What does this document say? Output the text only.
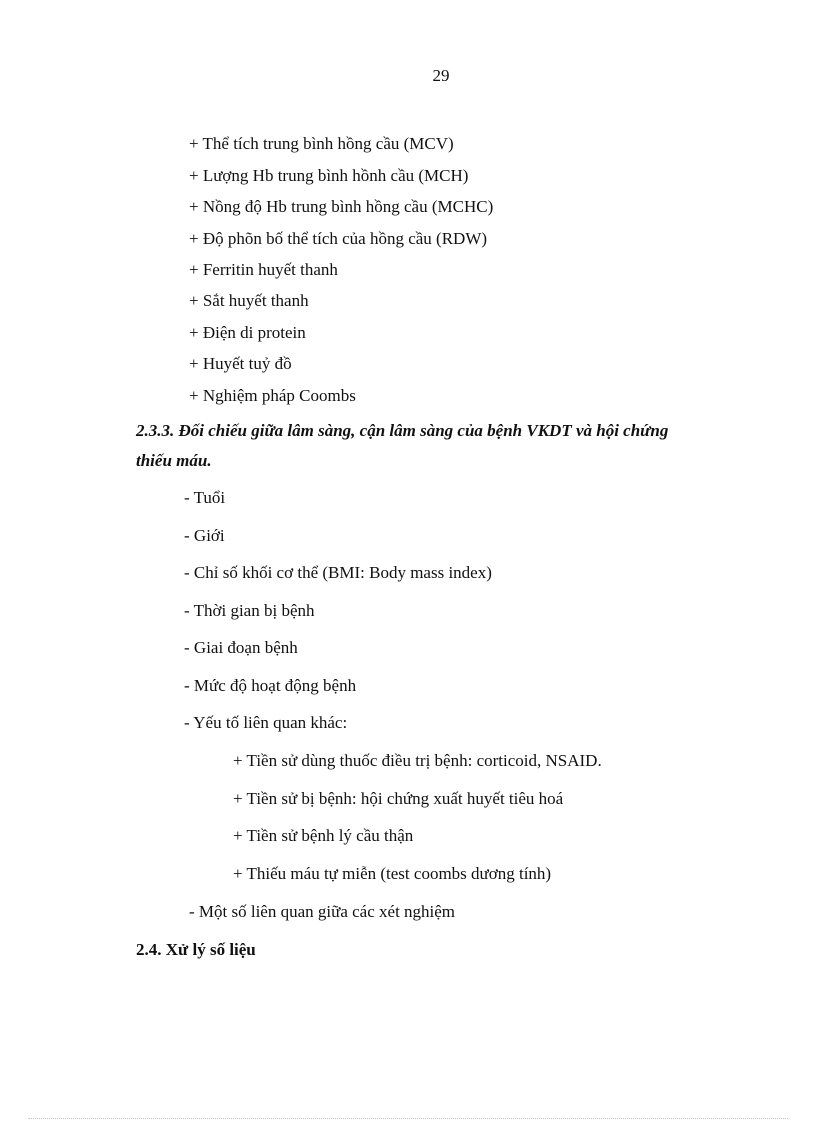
29
+ Thể tích trung bình hồng cầu (MCV)
+ Lượng Hb trung bình hồnh cầu (MCH)
+ Nồng độ Hb trung bình hồng cầu (MCHC)
+ Độ phõn bố thể tích của hồng cầu (RDW)
+ Ferritin huyết thanh
+ Sắt huyết thanh
+ Điện di protein
+ Huyết tuỷ đồ
+ Nghiệm pháp Coombs
2.3.3. Đối chiếu giữa lâm sàng, cận lâm sàng của bệnh VKDT và hội chứng
thiếu máu.
- Tuổi
- Giới
- Chỉ số khối cơ thể (BMI: Body mass index)
- Thời gian bị bệnh
- Giai đoạn bệnh
- Mức độ hoạt động bệnh
- Yếu tố liên quan khác:
+ Tiền sử dùng thuốc điều trị bệnh: corticoid, NSAID.
+ Tiền sử bị bệnh: hội chứng xuất huyết tiêu hoá
+ Tiền sử bệnh lý cầu thận
+ Thiếu máu tự miễn (test coombs dương tính)
- Một số liên quan giữa các xét nghiệm
2.4. Xử lý số liệu
